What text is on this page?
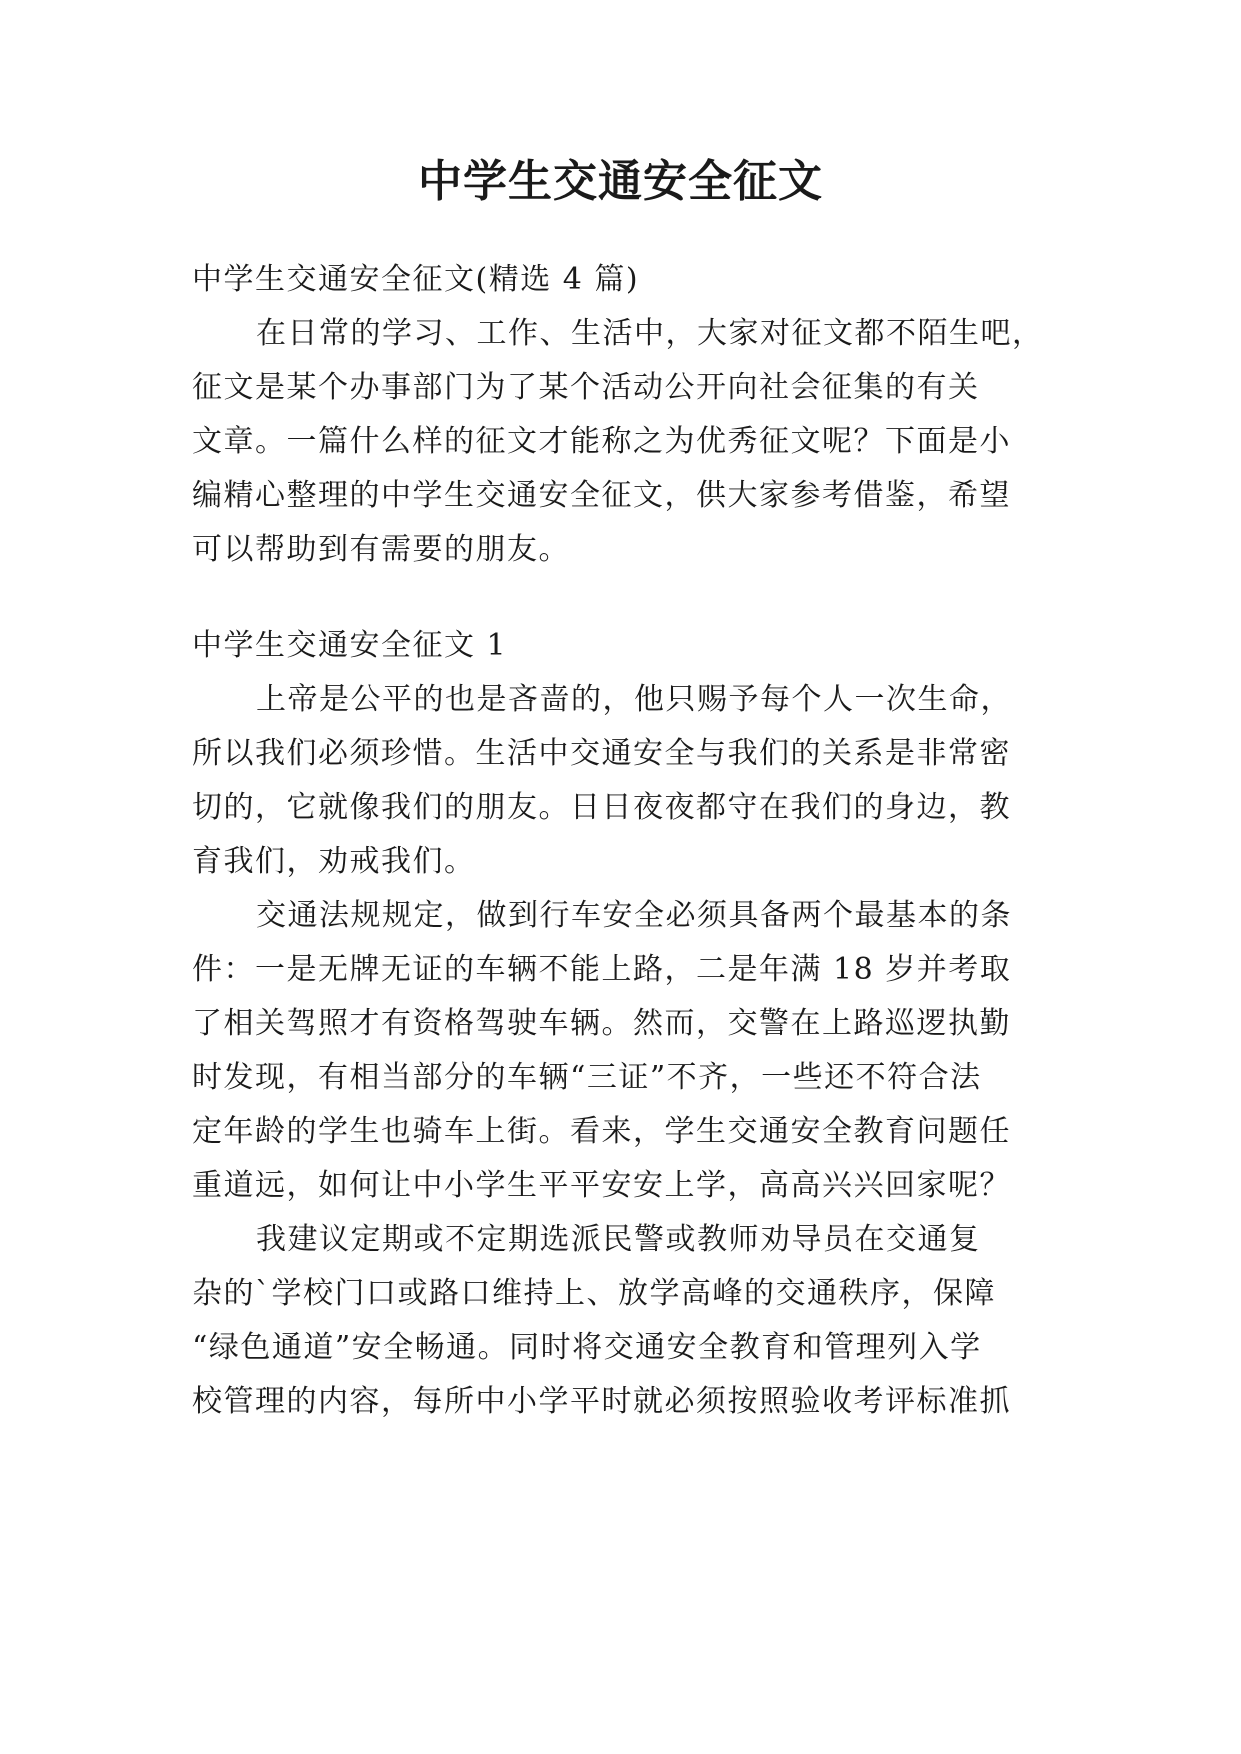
中学生交通安全征文

中学生交通安全征文(精选 4 篇)

在日常的学习、工作、生活中，大家对征文都不陌生吧，

征文是某个办事部门为了某个活动公开向社会征集的有关

文章。一篇什么样的征文才能称之为优秀征文呢？下面是小

编精心整理的中学生交通安全征文，供大家参考借鉴，希望

可以帮助到有需要的朋友。

中学生交通安全征文 1

上帝是公平的也是吝啬的，他只赐予每个人一次生命，

所以我们必须珍惜。生活中交通安全与我们的关系是非常密

切的，它就像我们的朋友。日日夜夜都守在我们的身边，教

育我们，劝戒我们。

交通法规规定，做到行车安全必须具备两个最基本的条

件：一是无牌无证的车辆不能上路，二是年满 18 岁并考取

了相关驾照才有资格驾驶车辆。然而，交警在上路巡逻执勤

时发现，有相当部分的车辆“三证”不齐，一些还不符合法

定年龄的学生也骑车上街。看来，学生交通安全教育问题任

重道远，如何让中小学生平平安安上学，高高兴兴回家呢？

我建议定期或不定期选派民警或教师劝导员在交通复

杂的`学校门口或路口维持上、放学高峰的交通秩序，保障

“绿色通道”安全畅通。同时将交通安全教育和管理列入学

校管理的内容，每所中小学平时就必须按照验收考评标准抓
